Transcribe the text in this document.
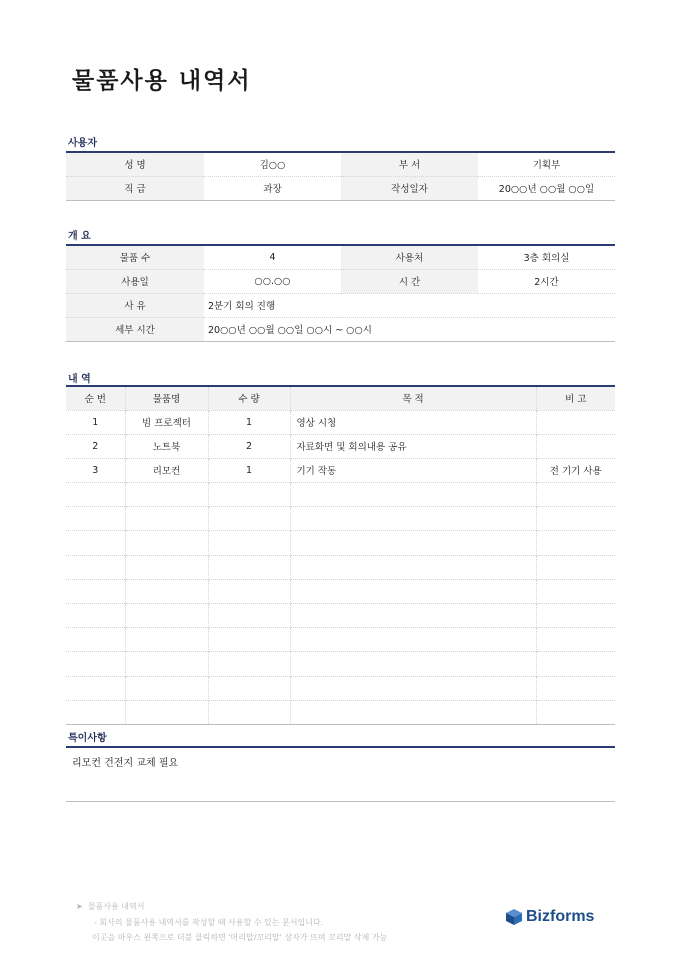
물품사용 내역서
사용자
성 명	김○○	부 서	기획부
직 급	과장	작성일자	20○○년 ○○월 ○○일
개 요
물품 수	4	사용처	3층 회의실
사용일	○○.○○	시 간	2시간
사 유	2분기 회의 진행		
세부 시간	20○○년 ○○월 ○○일 ○○시 ~ ○○시		
내 역
순 번	물품명	수 량	목 적	비 고
1	빔 프로젝터	1	영상 시청	
2	노트북	2	자료화면 및 회의내용 공유	
3	리모컨	1	기기 작동	전 기기 사용

특이사항
리모컨 건전지 교체 필요
➤ 물품사용 내역서
- 회사의 물품사용 내역서를 작성할 때 사용할 수 있는 문서입니다.
이곳을 마우스 왼쪽으로 더블 클릭하면 '머리말/꼬리말' 상자가 뜨며 꼬리말 삭제 가능
Bizforms
